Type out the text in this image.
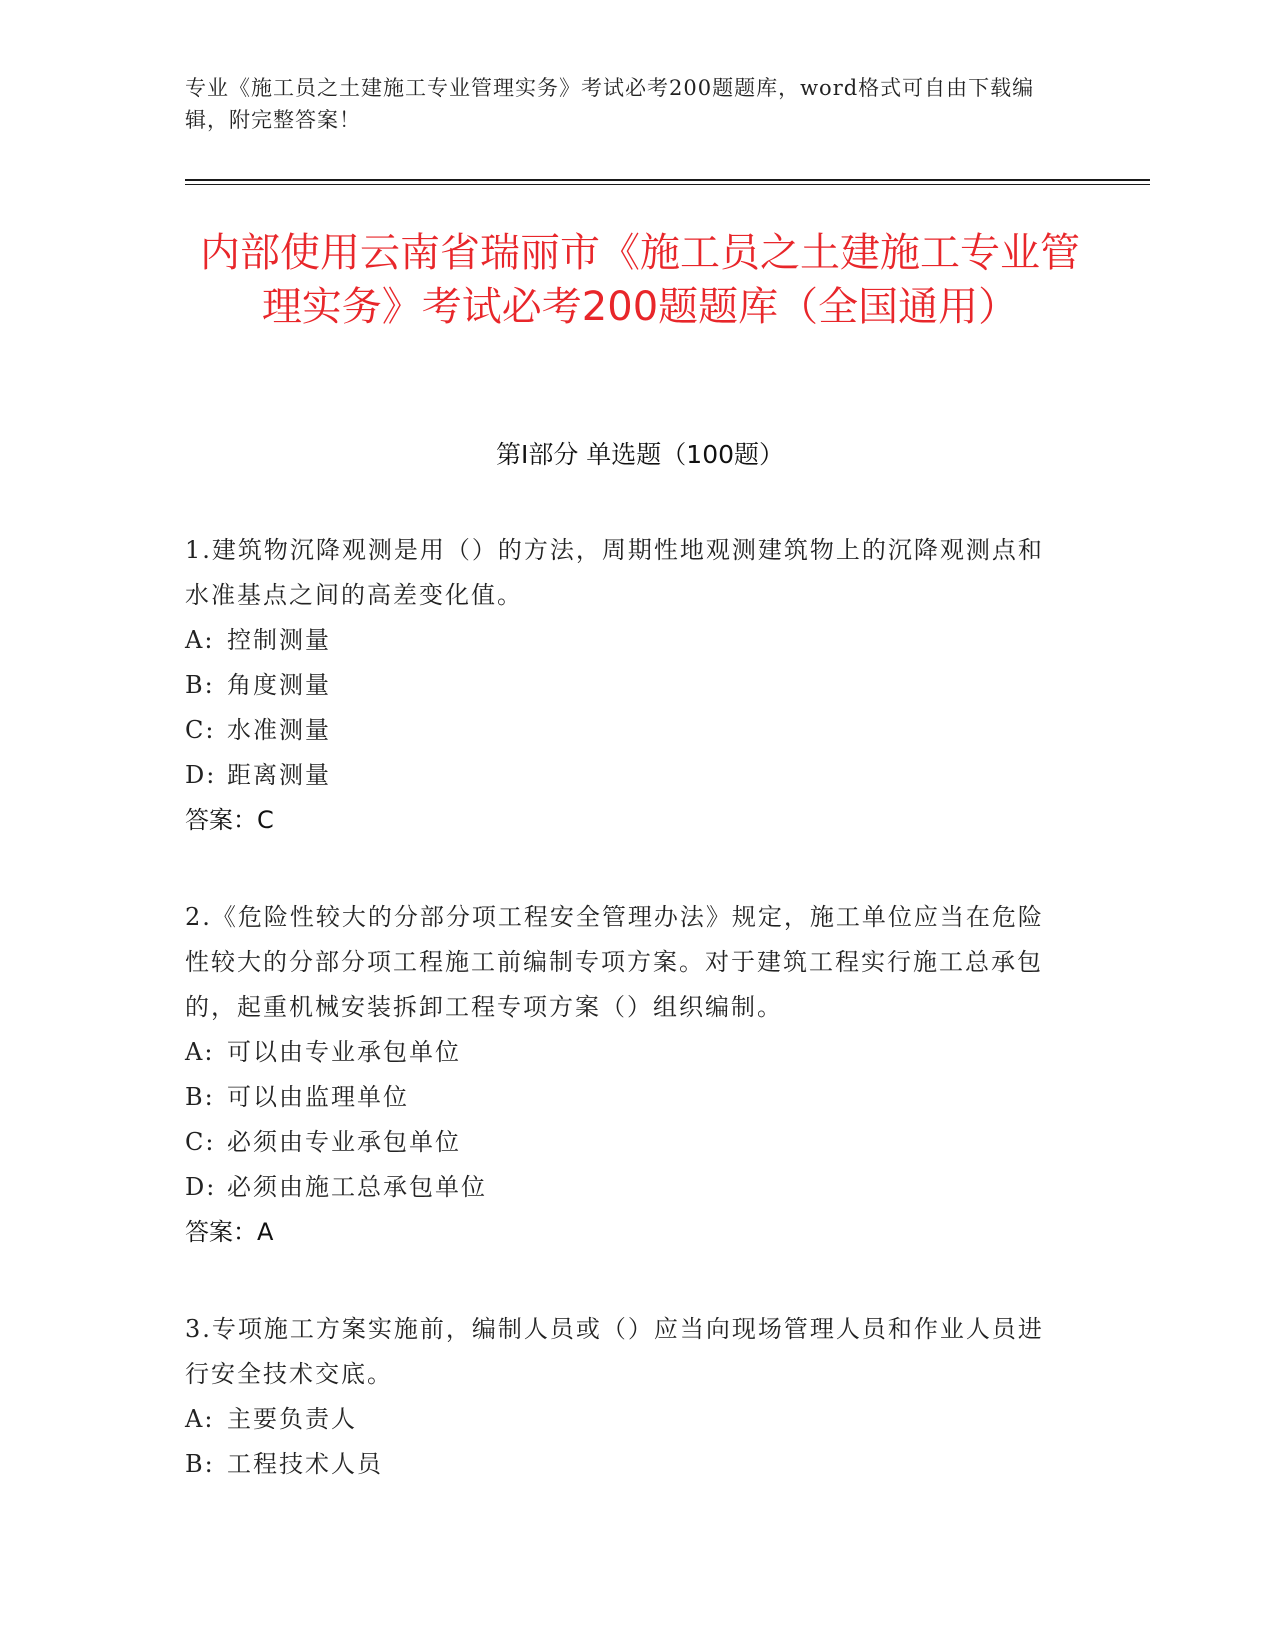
专业《施工员之土建施工专业管理实务》考试必考200题题库，word格式可自由下载编辑，附完整答案！
内部使用云南省瑞丽市《施工员之土建施工专业管理实务》考试必考200题题库（全国通用）
第I部分 单选题（100题）
1.建筑物沉降观测是用（）的方法，周期性地观测建筑物上的沉降观测点和水准基点之间的高差变化值。
A: 控制测量
B: 角度测量
C: 水准测量
D: 距离测量
答案：C
2.《危险性较大的分部分项工程安全管理办法》规定，施工单位应当在危险性较大的分部分项工程施工前编制专项方案。对于建筑工程实行施工总承包的，起重机械安装拆卸工程专项方案（）组织编制。
A: 可以由专业承包单位
B: 可以由监理单位
C: 必须由专业承包单位
D: 必须由施工总承包单位
答案：A
3.专项施工方案实施前，编制人员或（）应当向现场管理人员和作业人员进行安全技术交底。
A: 主要负责人
B: 工程技术人员
